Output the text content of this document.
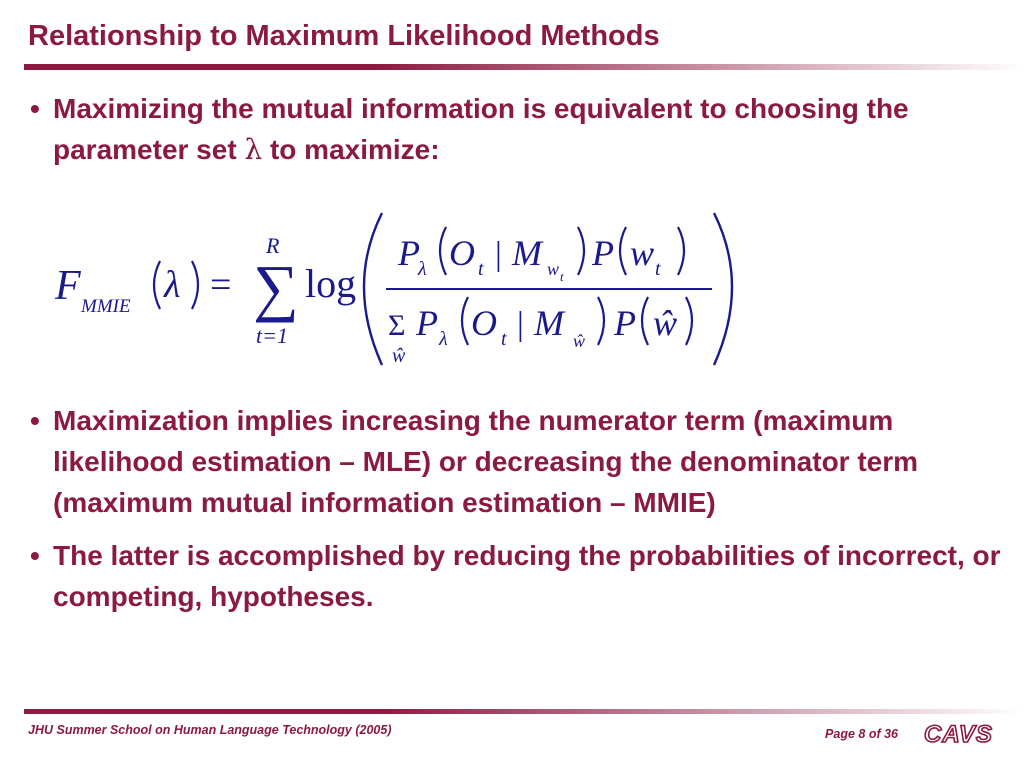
Relationship to Maximum Likelihood Methods
• Maximizing the mutual information is equivalent to choosing the parameter set λ to maximize:
F MMIE
λ =
R
∑
t=1
log
P
λ O t | M w t
P w t
Σ
ŵ
P λ O t | M ŵ P ŵ
• Maximization implies increasing the numerator term (maximum likelihood estimation – MLE) or decreasing the denominator term (maximum mutual information estimation – MMIE)
• The latter is accomplished by reducing the probabilities of incorrect, or competing, hypotheses.
JHU Summer School on Human Language Technology (2005)	Page 8 of 36 CAVS
